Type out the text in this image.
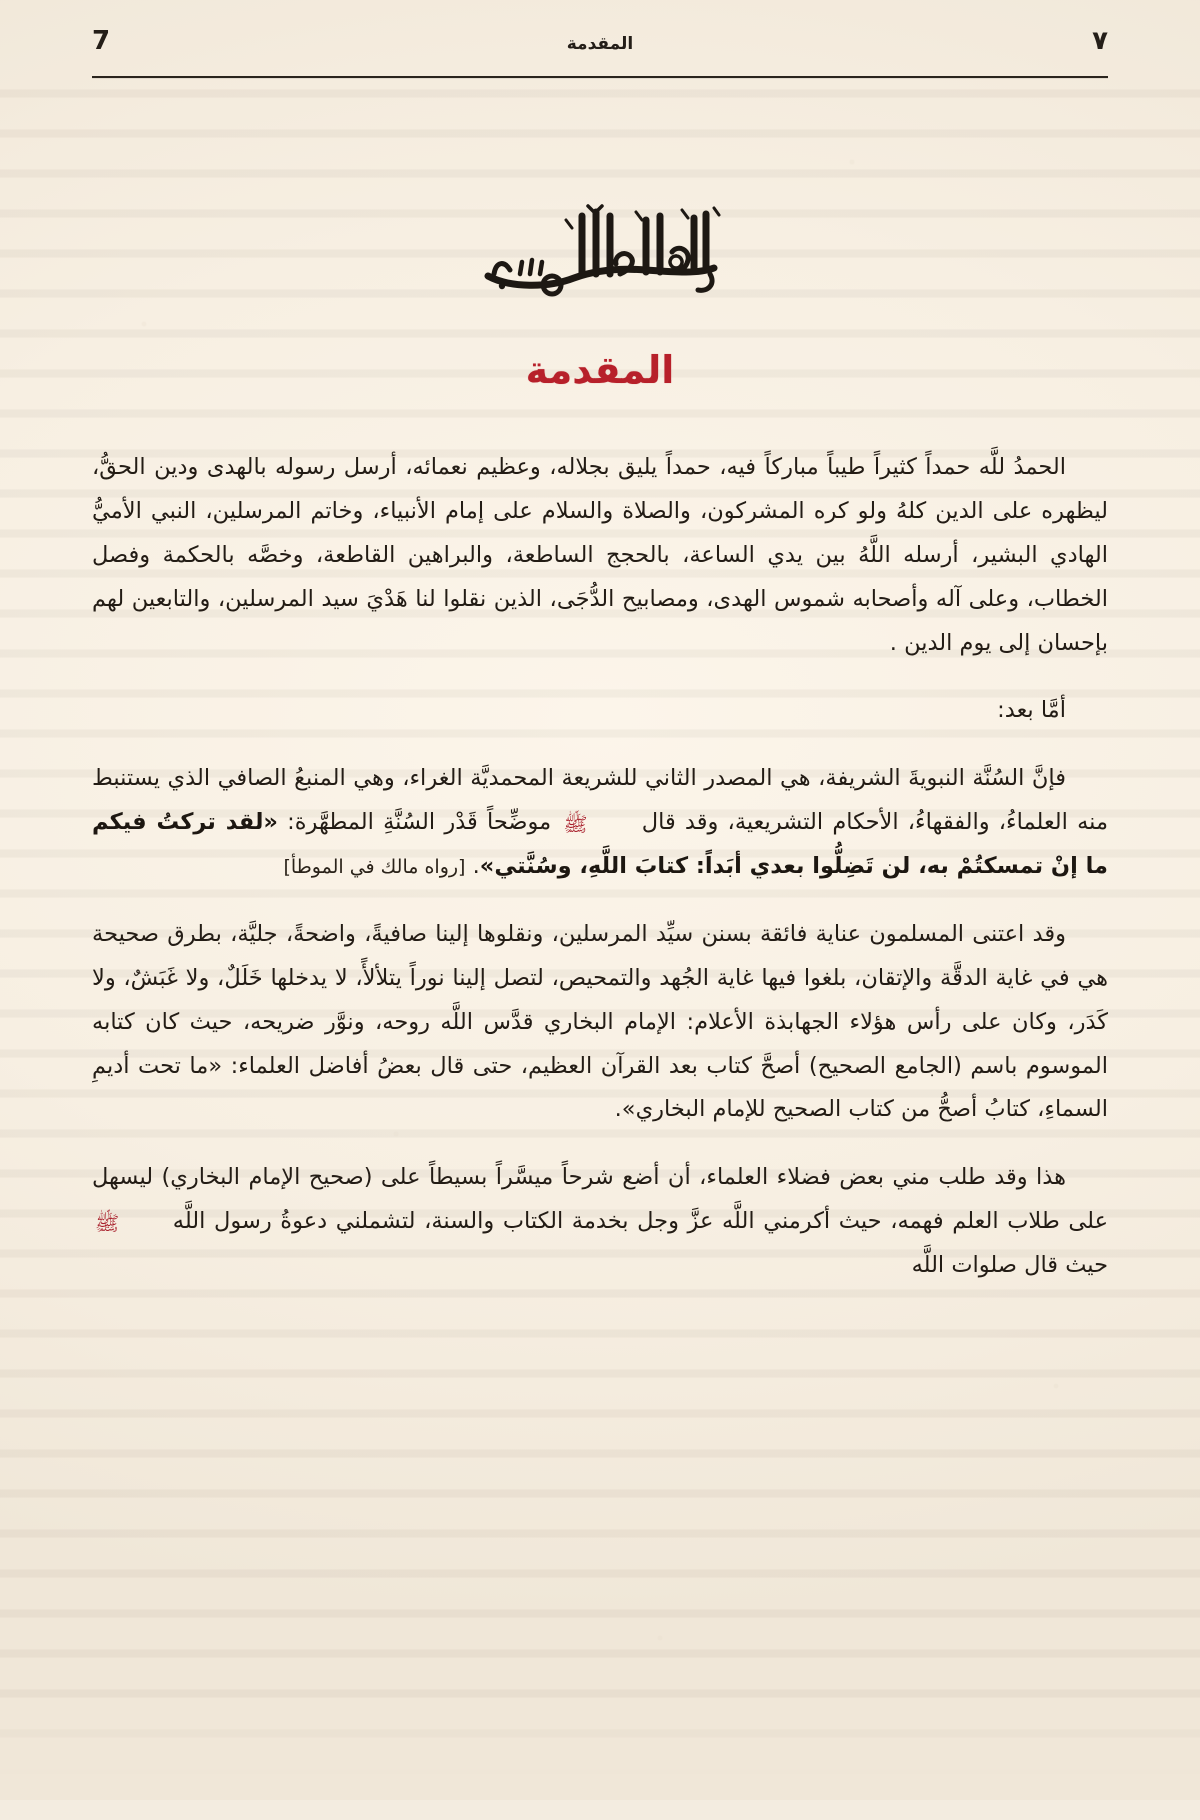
٧
المقدمة
7
المقدمة

الحمدُ للَّه حمداً كثيراً طيباً مباركاً فيه، حمداً يليق بجلاله، وعظيم نعمائه، أرسل رسوله بالهدى ودين الحقُّ، ليظهره على الدين كلهُ ولو كره المشركون، والصلاة والسلام على إمام الأنبياء، وخاتم المرسلين، النبي الأميُّ الهادي البشير، أرسله اللَّهُ بين يدي الساعة، بالحجج الساطعة، والبراهين القاطعة، وخصَّه بالحكمة وفصل الخطاب، وعلى آله وأصحابه شموس الهدى، ومصابيح الدُّجَى، الذين نقلوا لنا هَدْيَ سيد المرسلين، والتابعين لهم بإحسان إلى يوم الدين .

أمَّا بعد:

فإنَّ السُنَّة النبويةَ الشريفة، هي المصدر الثاني للشريعة المحمديَّة الغراء، وهي المنبعُ الصافي الذي يستنبط منه العلماءُ، والفقهاءُ، الأحكام التشريعية، وقد قال ﷺ موضِّحاً قَدْر السُنَّةِ المطهَّرة: «لقد تركتُ فيكم ما إنْ تمسكتُمْ به، لن تَضِلُّوا بعدي أبَداً: كتابَ اللَّهِ، وسُنَّتي». [رواه مالك في الموطأ]

وقد اعتنى المسلمون عناية فائقة بسنن سيِّد المرسلين، ونقلوها إلينا صافيةً، واضحةً، جليَّة، بطرق صحيحة هي في غاية الدقَّة والإتقان، بلغوا فيها غاية الجُهد والتمحيص، لتصل إلينا نوراً يتلألأً، لا يدخلها خَلَلٌ، ولا غَبَشٌ، ولا كَدَر، وكان على رأس هؤلاء الجهابذة الأعلام: الإمام البخاري قدَّس اللَّه روحه، ونوَّر ضريحه، حيث كان كتابه الموسوم باسم (الجامع الصحيح) أصحَّ كتاب بعد القرآن العظيم، حتى قال بعضُ أفاضل العلماء: «ما تحت أديمِ السماءِ، كتابُ أصحُّ من كتاب الصحيح للإمام البخاري».

هذا وقد طلب مني بعض فضلاء العلماء، أن أضع شرحاً ميسَّراً بسيطاً على (صحيح الإمام البخاري) ليسهل على طلاب العلم فهمه، حيث أكرمني اللَّه عزَّ وجل بخدمة الكتاب والسنة، لتشملني دعوةُ رسول اللَّه ﷺ حيث قال صلوات اللَّه
